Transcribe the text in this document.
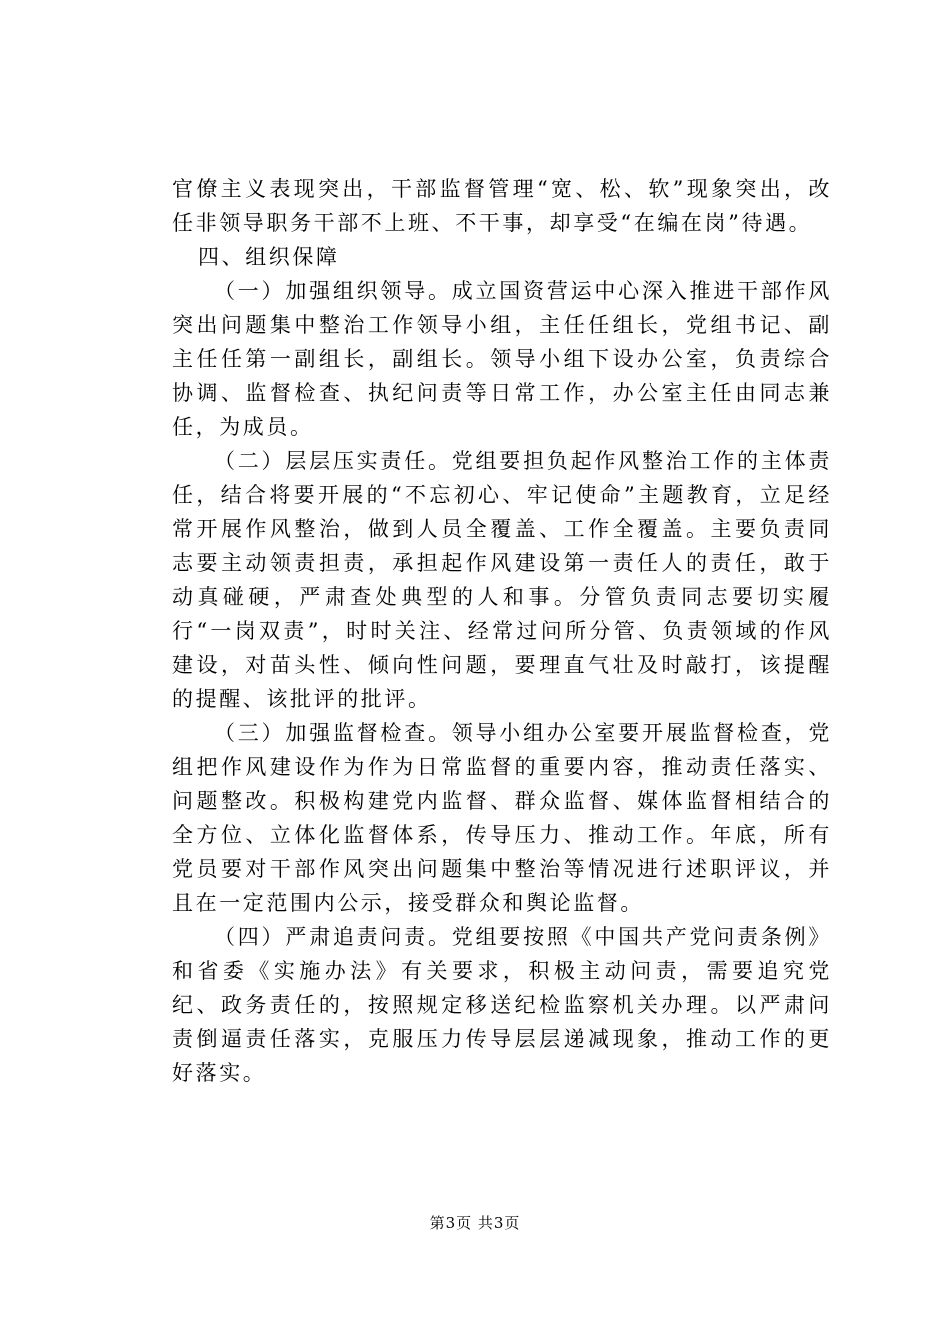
官僚主义表现突出，干部监督管理“宽、松、软”现象突出，改任非领导职务干部不上班、不干事，却享受“在编在岗”待遇。

四、组织保障

（一）加强组织领导。成立国资营运中心深入推进干部作风突出问题集中整治工作领导小组，主任任组长，党组书记、副主任任第一副组长，副组长。领导小组下设办公室，负责综合协调、监督检查、执纪问责等日常工作，办公室主任由同志兼任，为成员。

（二）层层压实责任。党组要担负起作风整治工作的主体责任，结合将要开展的“不忘初心、牢记使命”主题教育，立足经常开展作风整治，做到人员全覆盖、工作全覆盖。主要负责同志要主动领责担责，承担起作风建设第一责任人的责任，敢于动真碰硬，严肃查处典型的人和事。分管负责同志要切实履行“一岗双责”，时时关注、经常过问所分管、负责领域的作风建设，对苗头性、倾向性问题，要理直气壮及时敲打，该提醒的提醒、该批评的批评。

（三）加强监督检查。领导小组办公室要开展监督检查，党组把作风建设作为作为日常监督的重要内容，推动责任落实、问题整改。积极构建党内监督、群众监督、媒体监督相结合的全方位、立体化监督体系，传导压力、推动工作。年底，所有党员要对干部作风突出问题集中整治等情况进行述职评议，并且在一定范围内公示，接受群众和舆论监督。

（四）严肃追责问责。党组要按照《中国共产党问责条例》和省委《实施办法》有关要求，积极主动问责，需要追究党纪、政务责任的，按照规定移送纪检监察机关办理。以严肃问责倒逼责任落实，克服压力传导层层递减现象，推动工作的更好落实。

第3页 共3页
